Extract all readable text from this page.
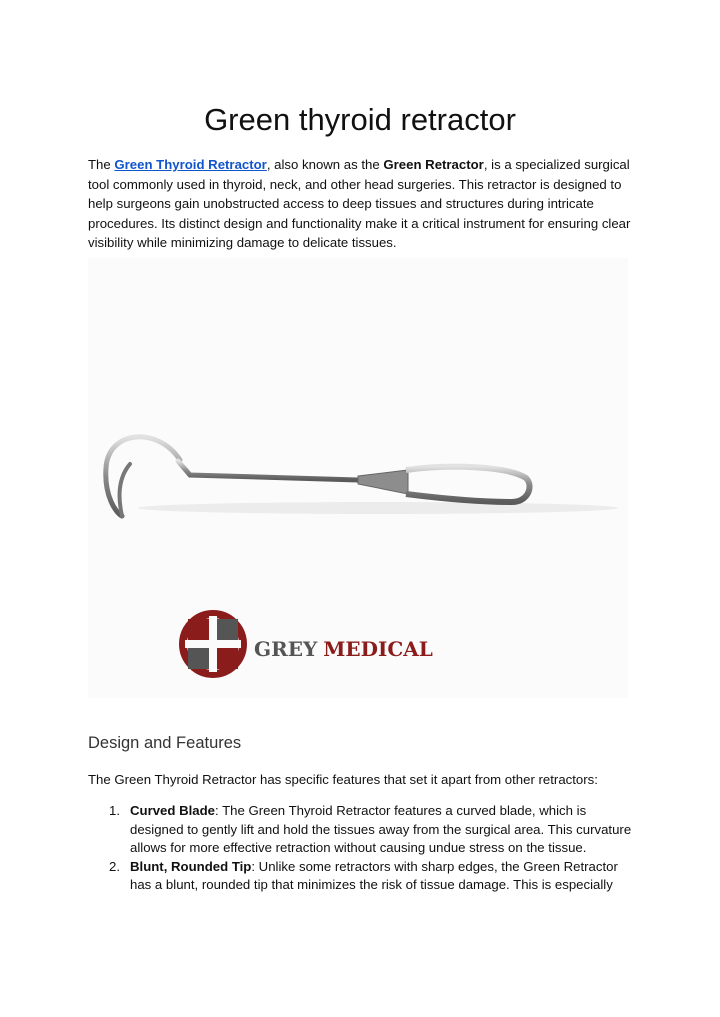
Green thyroid retractor

The Green Thyroid Retractor, also known as the Green Retractor, is a specialized surgical tool commonly used in thyroid, neck, and other head surgeries. This retractor is designed to help surgeons gain unobstructed access to deep tissues and structures during intricate procedures. Its distinct design and functionality make it a critical instrument for ensuring clear visibility while minimizing damage to delicate tissues.

GREY MEDICAL
Design and Features

The Green Thyroid Retractor has specific features that set it apart from other retractors:

1. Curved Blade: The Green Thyroid Retractor features a curved blade, which is designed to gently lift and hold the tissues away from the surgical area. This curvature allows for more effective retraction without causing undue stress on the tissue.
2. Blunt, Rounded Tip: Unlike some retractors with sharp edges, the Green Retractor has a blunt, rounded tip that minimizes the risk of tissue damage. This is especially
